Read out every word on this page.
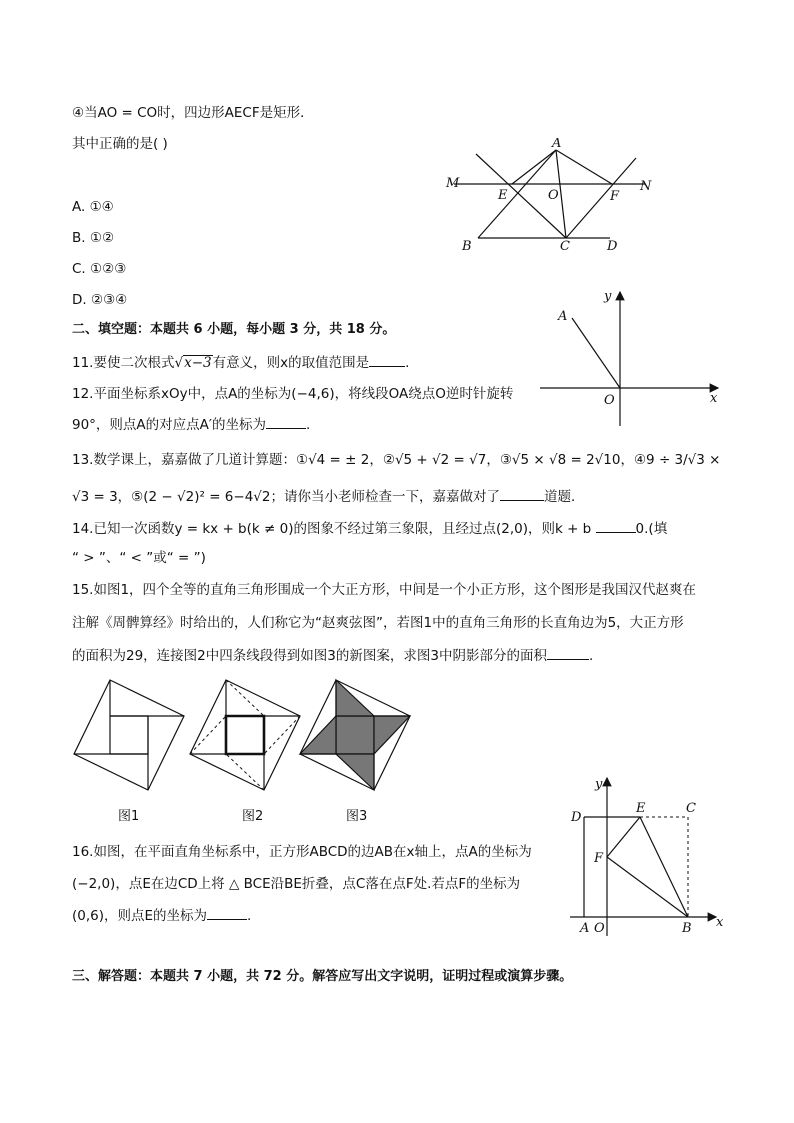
④当AO = CO时，四边形AECF是矩形．
其中正确的是( )
A. ①④
B. ①②
C. ①②③
D. ②③④
A
M	N
E	O	F
B	C	D
二、填空题：本题共 6 小题，每小题 3 分，共 18 分。
11.要使二次根式√x−3有意义，则x的取值范围是	.
12.平面坐标系xOy中，点A的坐标为(−4,6)，将线段OA绕点O逆时针旋转
90°，则点A的对应点A′的坐标为	.
y
A
O	x
13.数学课上，嘉嘉做了几道计算题：①√4 = ± 2，②√5 + √2 = √7，③√5 × √8 = 2√10，④9 ÷ 3/√3 ×
√3 = 3，⑤(2 − √2)² = 6−4√2；请你当小老师检查一下，嘉嘉做对了	道题．
14.已知一次函数y = kx + b(k ≠ 0)的图象不经过第三象限，且经过点(2,0)，则k + b	0.(填
“ > ”、“ < ”或“ = ”)
15.如图1，四个全等的直角三角形围成一个大正方形，中间是一个小正方形，这个图形是我国汉代赵爽在
注解《周髀算经》时给出的，人们称它为“赵爽弦图”，若图1中的直角三角形的长直角边为5，大正方形
的面积为29，连接图2中四条线段得到如图3的新图案，求图3中阴影部分的面积	.
图1	图2	图3
16.如图，在平面直角坐标系中，正方形ABCD的边AB在x轴上，点A的坐标为
(−2,0)，点E在边CD上将 △ BCE沿BE折叠，点C落在点F处.若点F的坐标为
(0,6)，则点E的坐标为	.
y
D
E	C
F
A O	B x
三、解答题：本题共 7 小题，共 72 分。解答应写出文字说明，证明过程或演算步骤。
